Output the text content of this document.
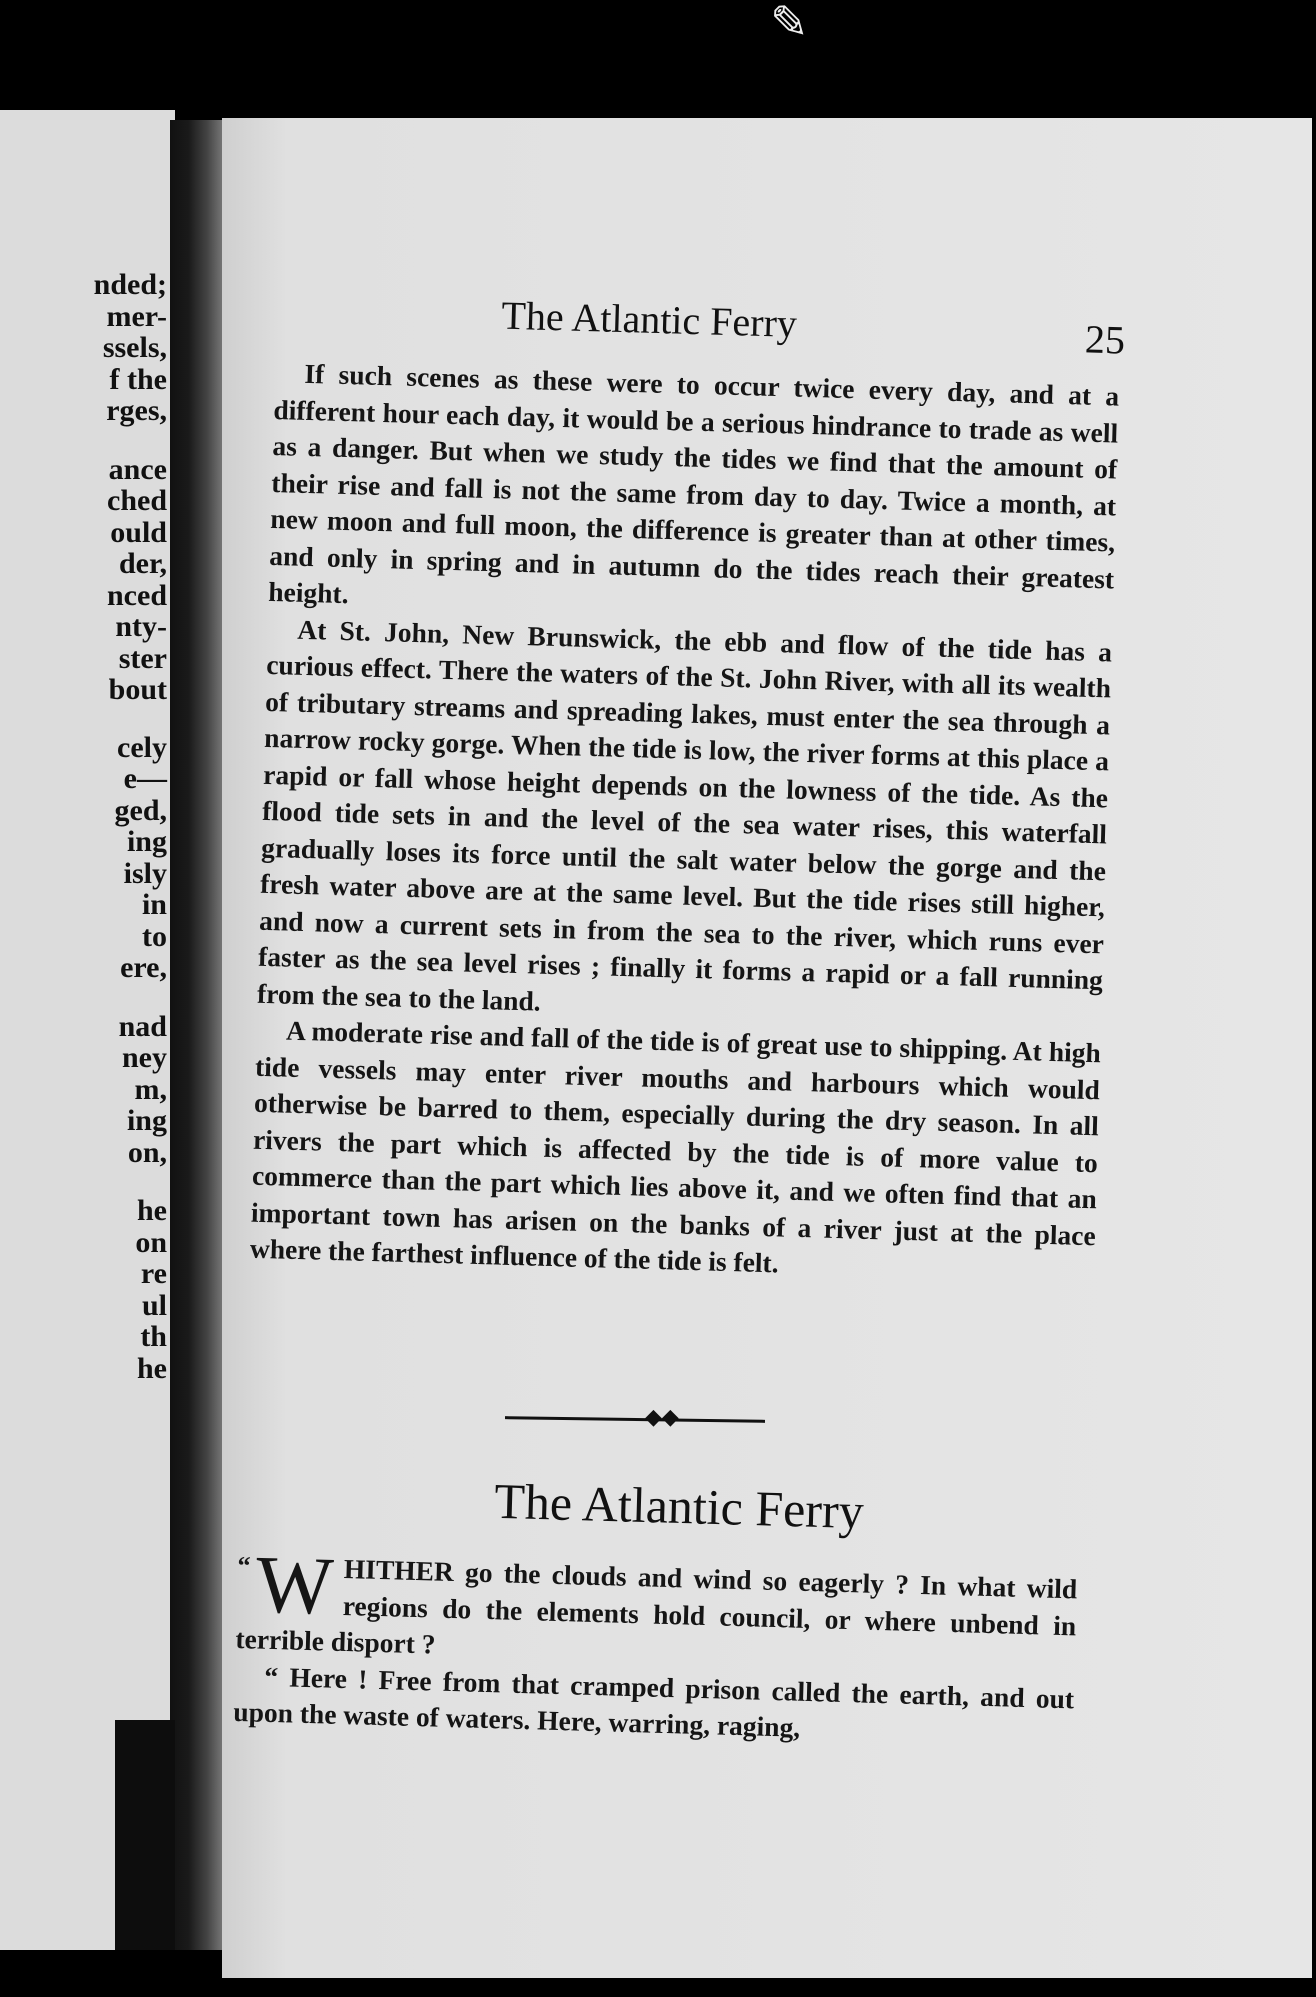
nded;
mer-
ssels,
f the
rges,
ance
ched
ould
der,
nced
nty-
ster
bout
cely
e—
ged,
ing
isly
in
to
ere,
nad
ney
m,
ing
on,
he
on
re
ul
th
he
✎
The Atlantic Ferry	25

If such scenes as these were to occur twice every day, and at a different hour each day, it would be a serious hindrance to trade as well as a danger. But when we study the tides we find that the amount of their rise and fall is not the same from day to day. Twice a month, at new moon and full moon, the difference is greater than at other times, and only in spring and in autumn do the tides reach their greatest height.

At St. John, New Brunswick, the ebb and flow of the tide has a curious effect. There the waters of the St. John River, with all its wealth of tributary streams and spreading lakes, must enter the sea through a narrow rocky gorge. When the tide is low, the river forms at this place a rapid or fall whose height depends on the lowness of the tide. As the flood tide sets in and the level of the sea water rises, this waterfall gradually loses its force until the salt water below the gorge and the fresh water above are at the same level. But the tide rises still higher, and now a current sets in from the sea to the river, which runs ever faster as the sea level rises ; finally it forms a rapid or a fall running from the sea to the land.

A moderate rise and fall of the tide is of great use to shipping. At high tide vessels may enter river mouths and harbours which would otherwise be barred to them, especially during the dry season. In all rivers the part which is affected by the tide is of more value to commerce than the part which lies above it, and we often find that an important town has arisen on the banks of a river just at the place where the farthest influence of the tide is felt.

◆◆
The Atlantic Ferry

“ W HITHER go the clouds and wind so eagerly ? In what wild regions do the elements hold council, or where unbend in terrible disport ?

“ Here ! Free from that cramped prison called the earth, and out upon the waste of waters. Here, warring, raging,
